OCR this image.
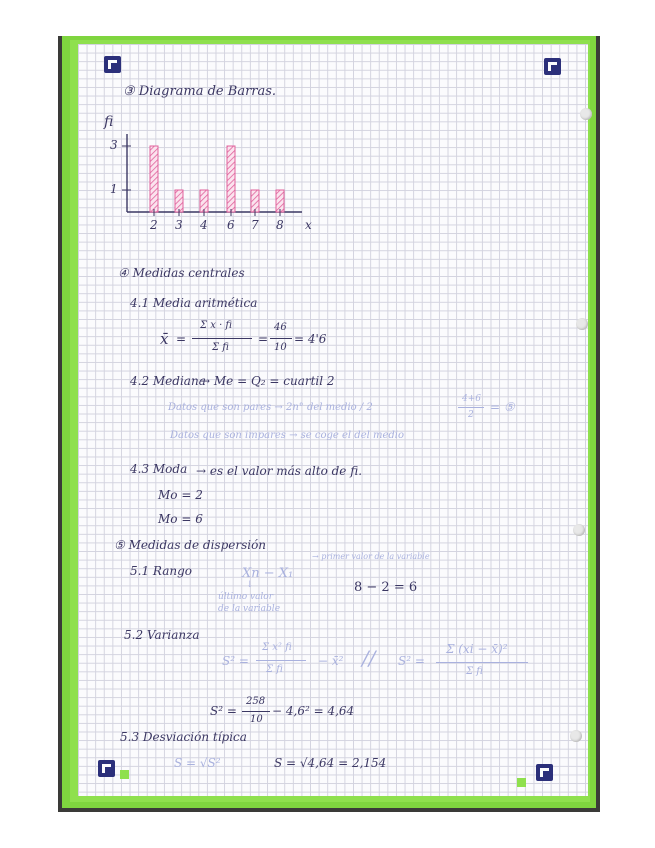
③ Diagrama de Barras.
fi
x
1
3
2 3 4 6 7 8
④ Medidas centrales
4.1 Media aritmética
x̄ =
Σ x · fi
Σ fi
=
46
10
= 4'6
4.2 Mediana
→ Me = Q₂ = cuartil 2
Datos que son pares → 2n° del medio / 2
4+6
2
= ⑤
Datos que son impares → se coge el del medio
4.3 Moda → es el valor más alto de fi.
Mo = 2
Mo = 6
⑤ Medidas de dispersión
5.1 Rango	Xn − X₁
→ primer valor de la variable
↓
último valor
de la variable
8 − 2 = 6
5.2 Varianza
S² =
Σ x² fi
Σ fi
− x̄² // S² =
Σ (xi − x̄)²
Σ fi
S² =
258
10
− 4,6² = 4,64
5.3 Desviación típica
S = √S²	S = √4,64 = 2,154
